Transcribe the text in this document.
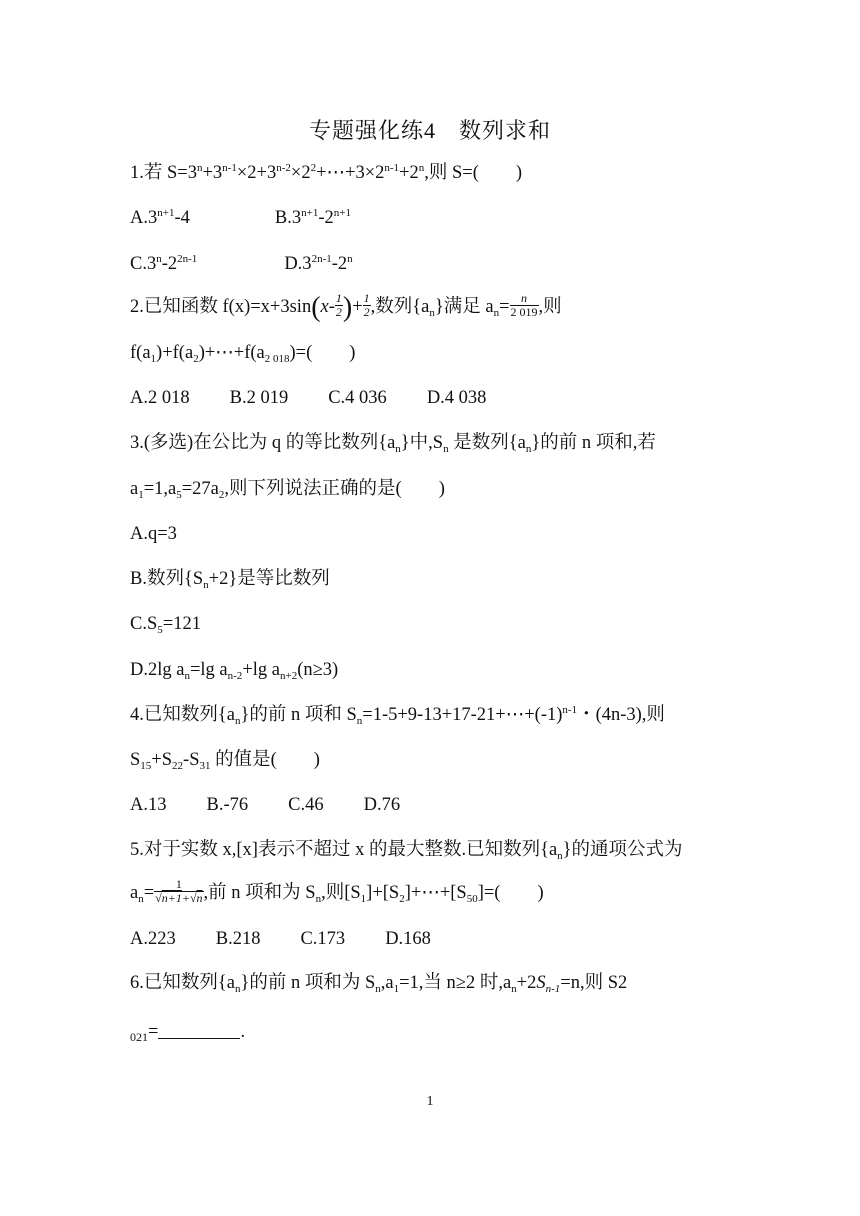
专题强化练4　数列求和
1.若 $S=3^n+3^{n-1}\times 2+3^{n-2}\times 2^2+\cdots+3\times 2^{n-1}+2^n$,则 S=(　　)
$A.3^{n+1}-4$	$B.3^{n+1}-2^{n+1}$
$C.3^n-2^{2n-1}$	$D.3^{2n-1}-2^n$
2.已知函数 $f(x)=x+3\sin(x- \frac{1}{2}$ )+ $\frac{1}{2}$ ,数列$\{a_n\}$满足 $a_n= \frac{n}{2 019}$ ,则
$f(a_1)+f(a_2)+\cdots+f(a_{2 018})=$(　　)
A.2 018 B.2 019 C.4 036 D.4 038
3.(多选)在公比为 q 的等比数列$\{a_n\}$中$,S_n$ 是数列$\{a_n\}$的前 n 项和,若
$a_1=1,a_5=27a_2$,则下列说法正确的是(　　)
A.q=3
B.数列$\{S_n+2\}$是等比数列
$C.S_5=121$
D.2lg $a_n=\lg$ $a_{n-2}+\lg$ $a_{n+2}(n\ge 3)$
4.已知数列$\{a_n\}$的前 n 项和 $S_n=1-5+9-13+17-21+\cdots+(-1)^{n-1}$・(4n-3),则
$S_{15}+S_{22}-S_{31}$ 的值是(　　)
A.13 B.-76 C.46 D.76
5.对于实数 x,[x]表示不超过 x 的最大整数.已知数列$\{a_n\}$的通项公式为
$a_n= \frac{1}{√n+1+√n}$ ,前 n 项和为 $S_n$,则$[S_1]+[S_2]+\cdots+[S_{50}]=$(　　)
A.223 B.218 C.173 D.168
6.已知数列$\{a_n\}$的前 n 项和为 $S_n,a_1=1$,当 n≥2 时$,a_n+2S_{n-1}=n$,则 S2
$_{021}$=	.
1
